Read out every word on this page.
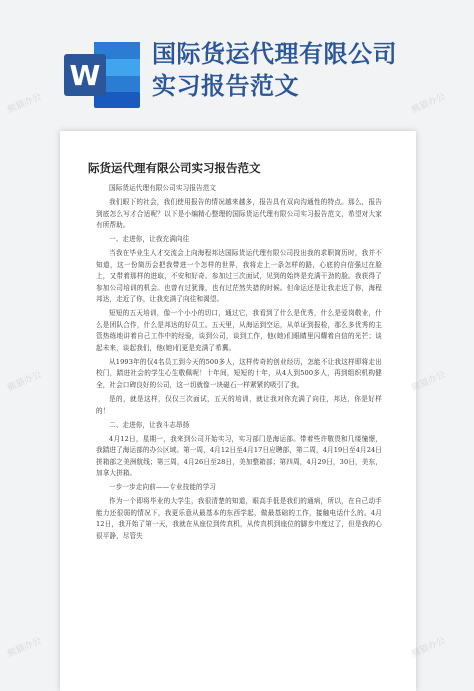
W
国际货运代理有限公司
实习报告范文
际货运代理有限公司实习报告范文
国际货运代理有限公司实习报告范文
我们眼下的社会，我们使用报告的情况越来越多，报告具有双向沟通性的特点。那么，报告到底怎么写才合适呢？以下是小编精心整理的国际货运代理有限公司实习报告范文，希望对大家有所帮助。
一、走进你，让我充满向往
当我在毕业生人才交流会上向海程邦达国际货运代理有限公司投出我的求职简历时，我并不知道，这一份简历会把我带进一个怎样的世界，我将走上一条怎样的路，心底的自信强过在脸上，又带着那样的进取，不安和好奇。参加过三次面试，见到的始终是充满干劲的脸。我获得了参加公司培训的机会。也曾有过犹豫，也有过茫然失措的时候。但命运还是让我走近了你，海程邦达，走近了你，让我充满了向往和渴望。
短短的五天培训，像一个小小的切口，通过它，我看到了什么是优秀，什么是爱岗敬业，什么是团队合作，什么是邦达的好员工。五天里，从海运到空运，从单证到报检，那么多优秀的主管热练地讲着自己工作中的经验，谈到公司，谈到工作，他(她)们眼睛里闪耀着自信的光芒；谈起未来，谈起我们，他(她)们更是充满了希冀。
从1993年的仅4名员工到今天的500多人，这样传奇的创业经历，怎能不让我这样即将走出校门，踏进社会的学生心生敬佩呢！十年间，短短的十年，从4人到500多人，再到组织机构健全，社会口碑良好的公司，这一切就像一块磁石一样紧紧的吸引了我。
是的，就是这样，仅仅三次面试，五天的培训，就让我对你充满了向往，邦达，你是好样的！
二、走进你，让我斗志昂扬
4月12日，星期一，我来到公司开始实习，实习部门是海运部。带着些许敬畏和几缕憧憬，我踏进了海运部的办公区域。第一周，4月12日至4月17日应聘部，第二周，4月19日至4月24日拼箱部之美洲航线；第三周，4月26日至28日，美加整箱部；第四周，4月29日，30日，美东，加拿大拼箱。
一步一步走向前——专业技能的学习
作为一个即将毕业的大学生，我很清楚的知道，眼高手低是我们的通病，所以，在自己动手能力还很弱的情况下，我更乐意从最基本的东西学起，做最基础的工作，接触电话什么的。4月12日，我开始了第一天，我就在从座位到传真机，从传真机到座位的脚步中度过了，但是我的心很平静，尽管失
熊猫办公	熊猫办公
熊猫办公	熊猫办公
熊猫办公	熊猫办公
